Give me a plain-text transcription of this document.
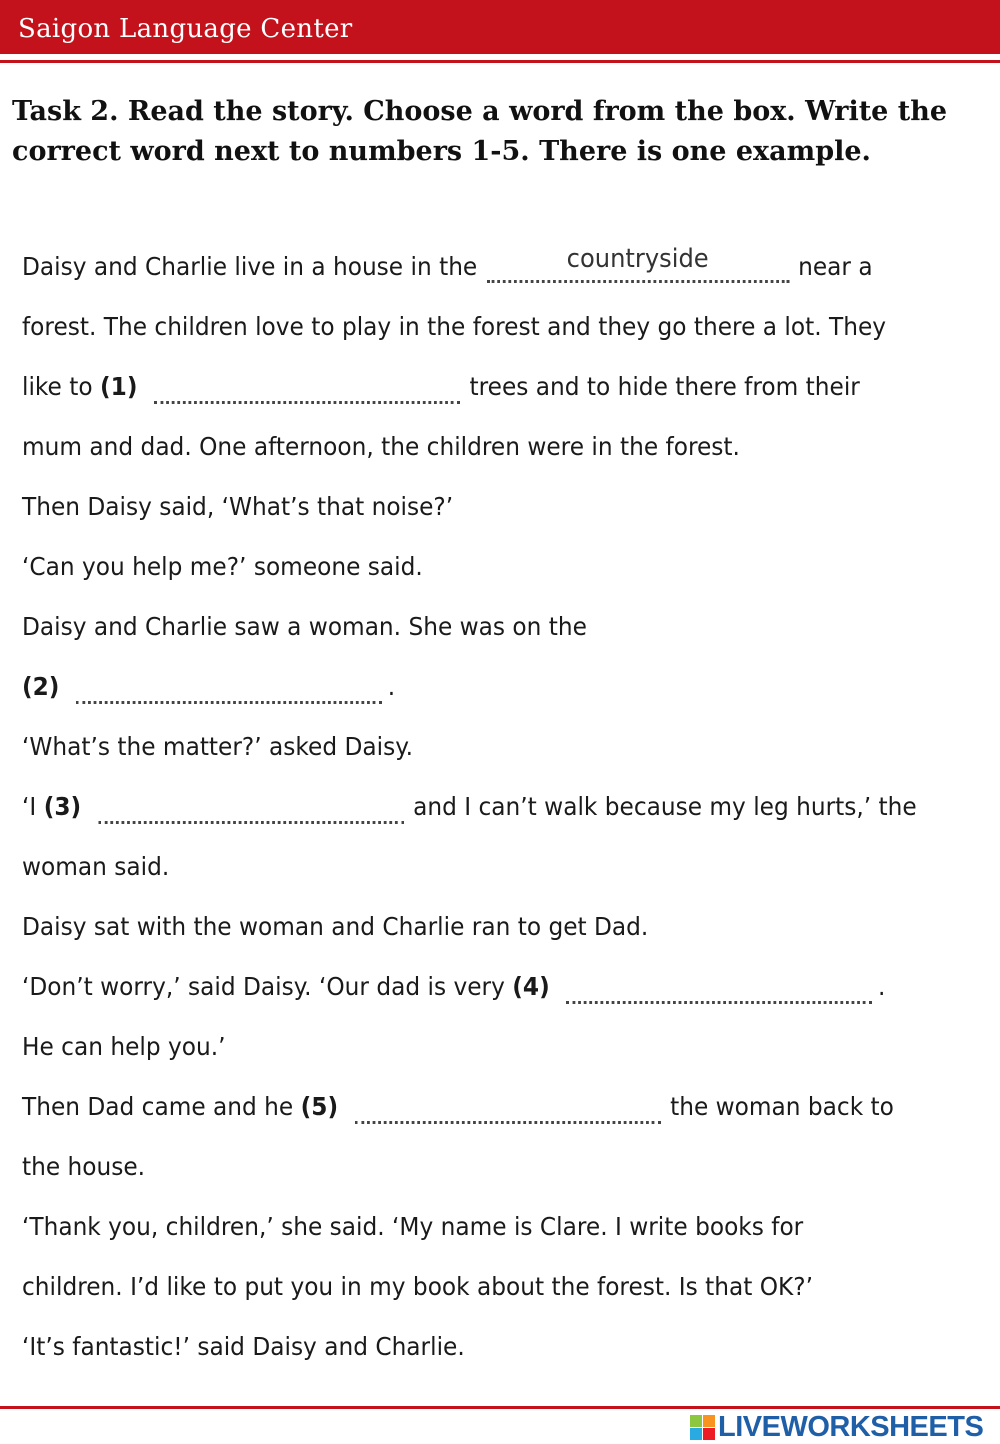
Saigon Language Center

Task 2. Read the story. Choose a word from the box. Write the correct word next to numbers 1-5. There is one example.

Daisy and Charlie live in a house in the	countryside	near a
forest. The children love to play in the forest and they go there a lot. They
like to (1)	trees and to hide there from their
mum and dad. One afternoon, the children were in the forest.
Then Daisy said, ‘What’s that noise?’
‘Can you help me?’ someone said.
Daisy and Charlie saw a woman. She was on the
(2)	.
‘What’s the matter?’ asked Daisy.
‘I (3)	and I can’t walk because my leg hurts,’ the
woman said.
Daisy sat with the woman and Charlie ran to get Dad.
‘Don’t worry,’ said Daisy. ‘Our dad is very (4)	.
He can help you.’
Then Dad came and he (5)	the woman back to
the house.
‘Thank you, children,’ she said. ‘My name is Clare. I write books for
children. I’d like to put you in my book about the forest. Is that OK?’
‘It’s fantastic!’ said Daisy and Charlie.
LIVEWORKSHEETS
